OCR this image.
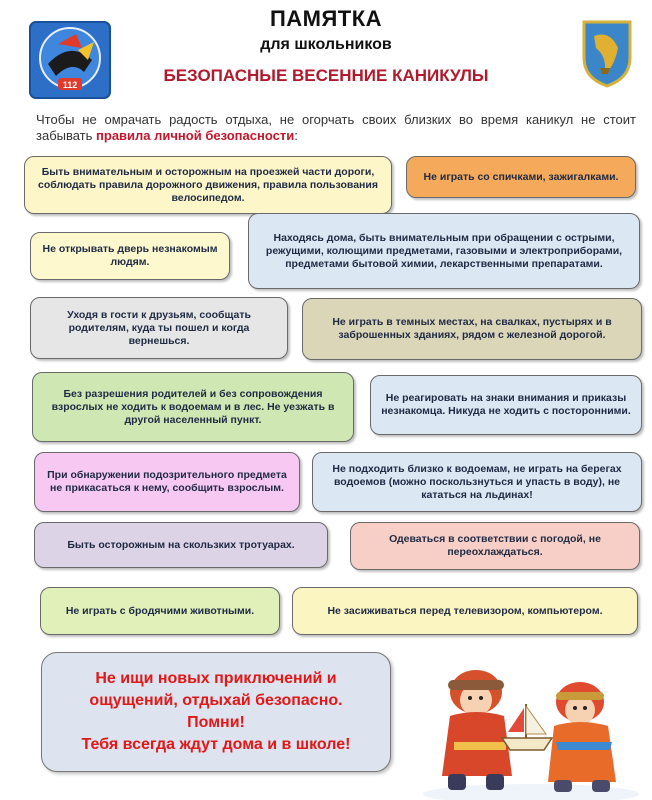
112
ПАМЯТКА
для школьников
БЕЗОПАСНЫЕ ВЕСЕННИЕ КАНИКУЛЫ
Чтобы не омрачать радость отдыха, не огорчать своих близких во время каникул не стоит забывать правила личной безопасности:
Быть внимательным и осторожным на проезжей части дороги, соблюдать правила дорожного движения, правила пользования велосипедом.
Не играть со спичками, зажигалками.
Не открывать дверь незнакомым людям.
Находясь дома, быть внимательным при обращении с острыми, режущими, колющими предметами, газовыми и электроприборами, предметами бытовой химии, лекарственными препаратами.
Уходя в гости к друзьям, сообщать родителям, куда ты пошел и когда вернешься.
Не играть в темных местах, на свалках, пустырях и в заброшенных зданиях, рядом с железной дорогой.
Без разрешения родителей и без сопровождения взрослых не ходить к водоемам и в лес. Не уезжать в другой населенный пункт.
Не реагировать на знаки внимания и приказы незнакомца. Никуда не ходить с посторонними.
При обнаружении подозрительного предмета не прикасаться к нему, сообщить взрослым.
Не подходить близко к водоемам, не играть на берегах водоемов (можно поскользнуться и упасть в воду), не кататься на льдинах!
Быть осторожным на скользких тротуарах.	Одеваться в соответствии с погодой, не переохлаждаться.
Не играть с бродячими животными.	Не засиживаться перед телевизором, компьютером.
Не ищи новых приключений и
ощущений, отдыхай безопасно.
Помни!
Тебя всегда ждут дома и в школе!
